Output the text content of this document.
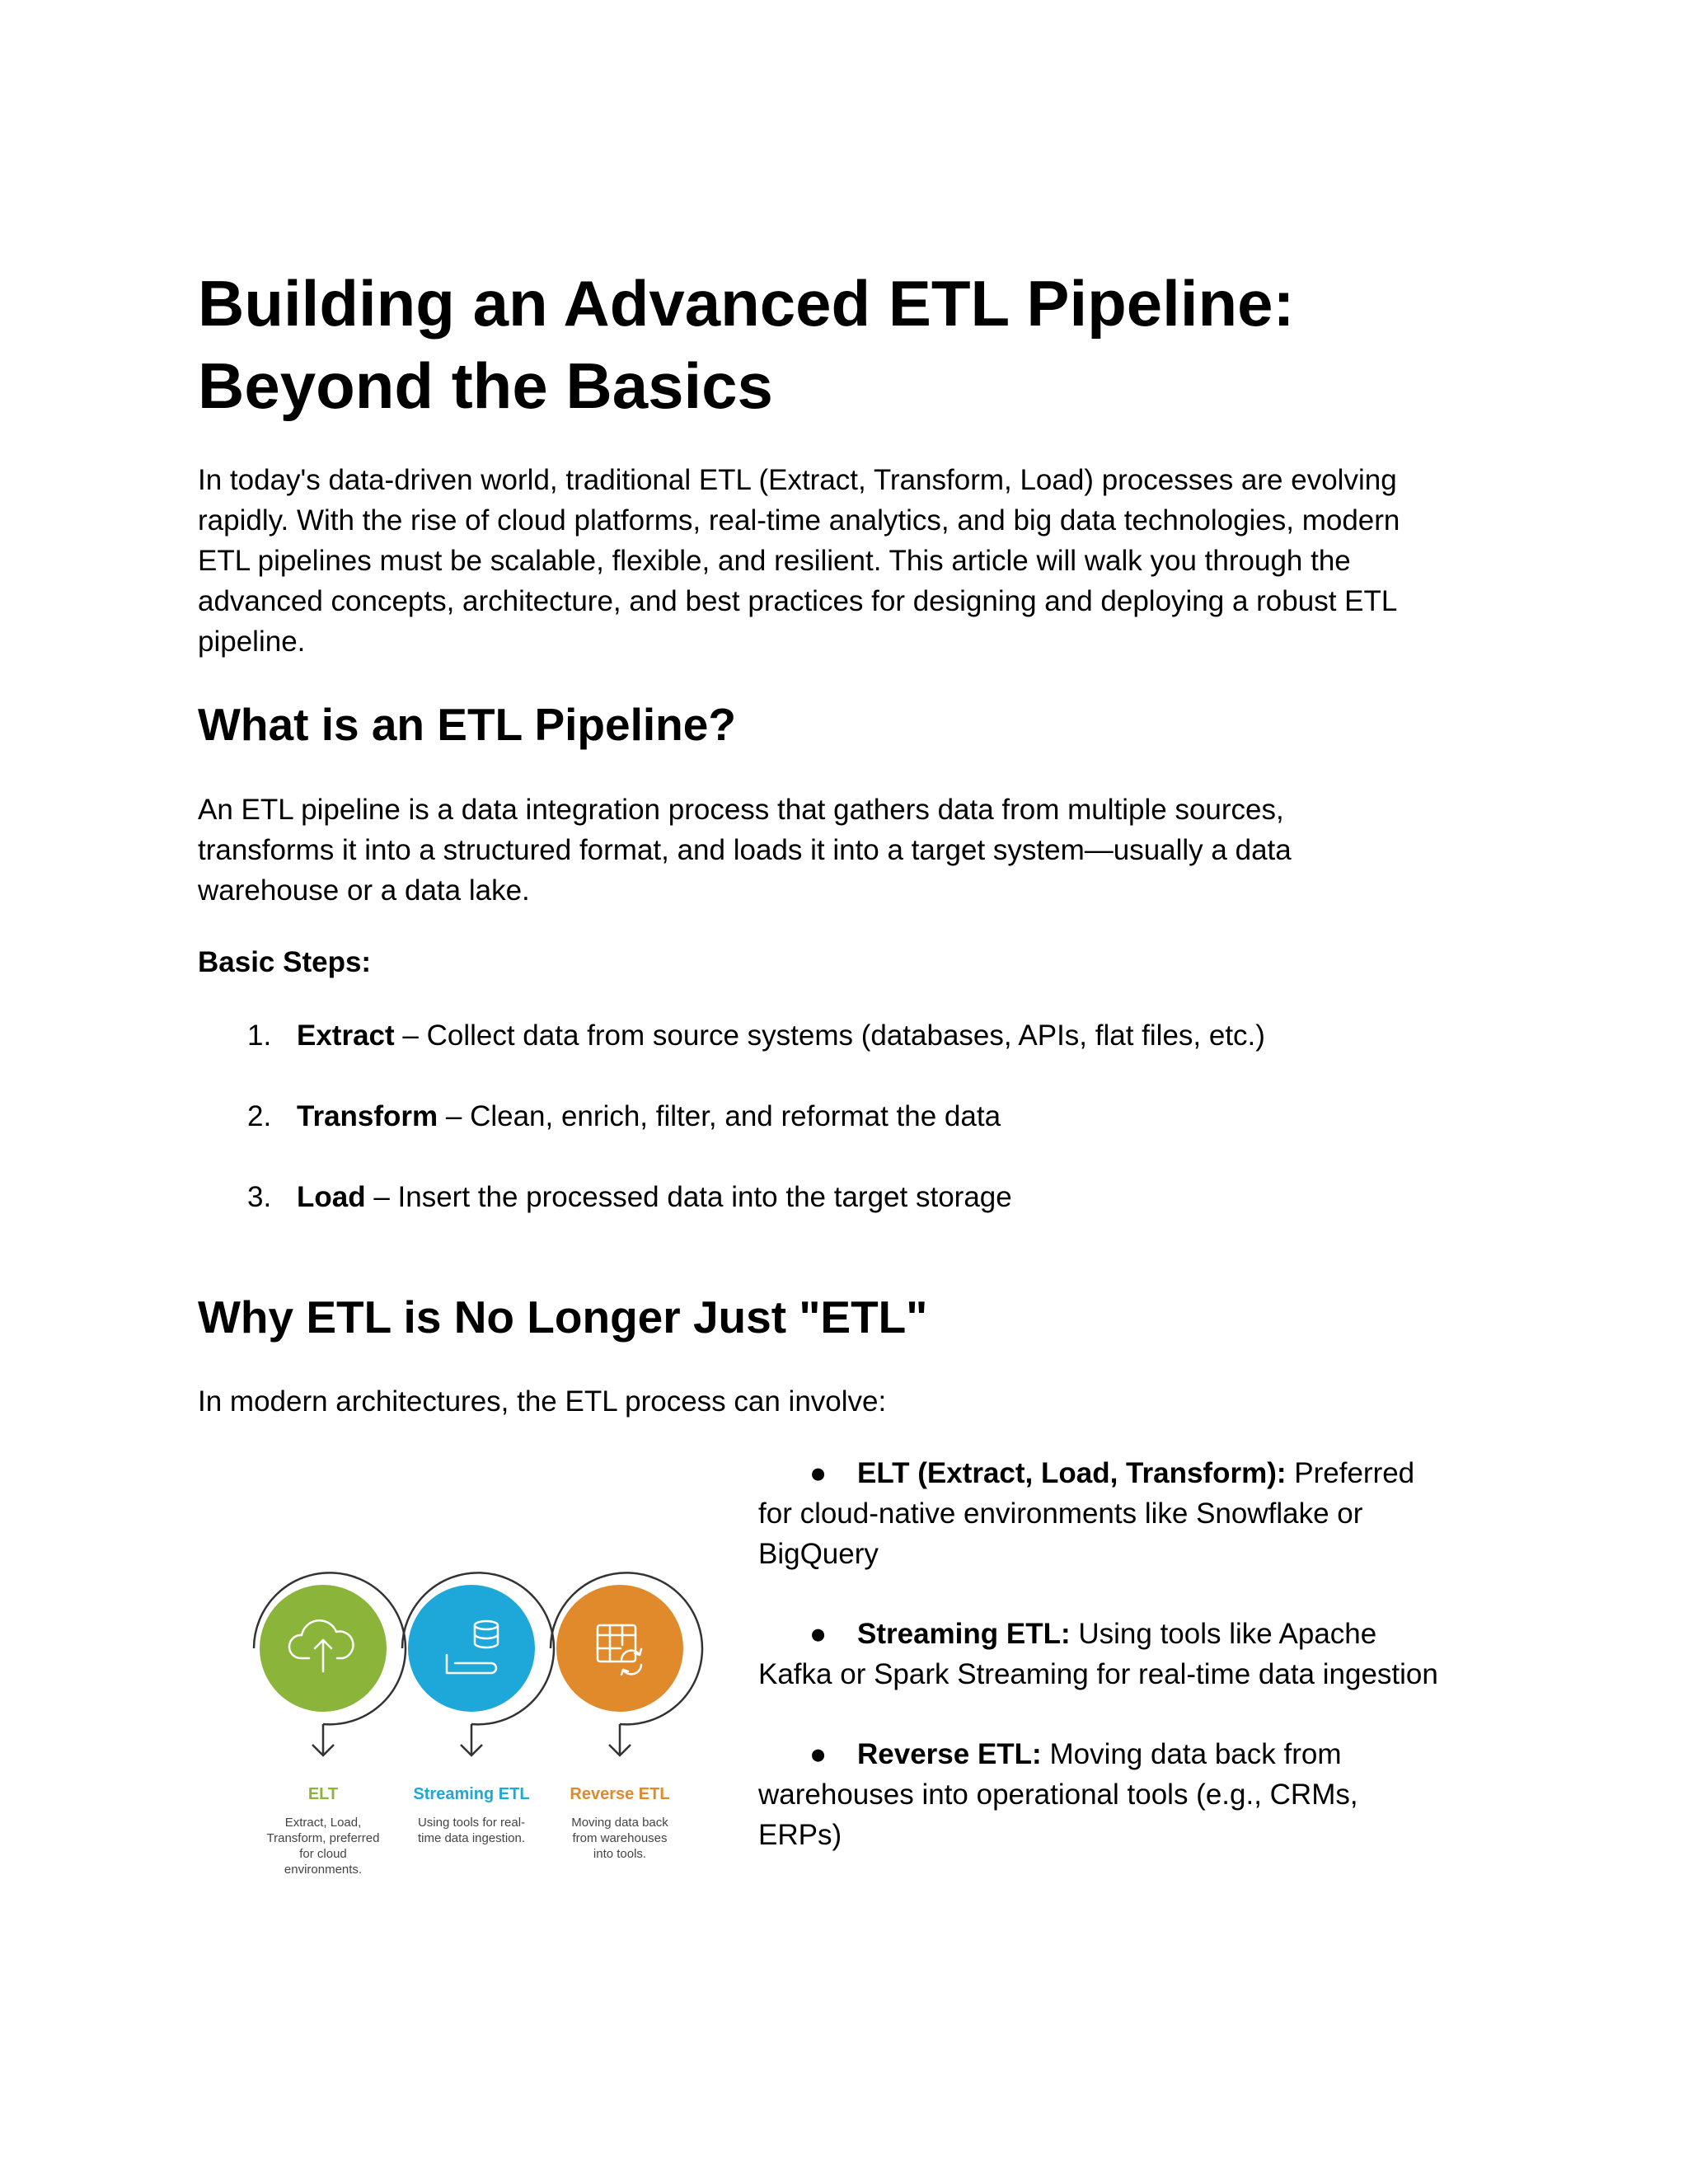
Building an Advanced ETL Pipeline:
Beyond the Basics

In today's data-driven world, traditional ETL (Extract, Transform, Load) processes are evolving
rapidly. With the rise of cloud platforms, real-time analytics, and big data technologies, modern
ETL pipelines must be scalable, flexible, and resilient. This article will walk you through the
advanced concepts, architecture, and best practices for designing and deploying a robust ETL
pipeline.

What is an ETL Pipeline?

An ETL pipeline is a data integration process that gathers data from multiple sources,
transforms it into a structured format, and loads it into a target system—usually a data
warehouse or a data lake.

Basic Steps:

1. Extract – Collect data from source systems (databases, APIs, flat files, etc.)
2. Transform – Clean, enrich, filter, and reformat the data
3. Load – Insert the processed data into the target storage
Why ETL is No Longer Just "ETL"

In modern architectures, the ETL process can involve:

ELT	Streaming ETL	Reverse ETL
Extract, Load,
Transform, preferred
for cloud
environments.
Using tools for real-
time data ingestion.
Moving data back
from warehouses
into tools.
● ELT (Extract, Load, Transform): Preferred
for cloud-native environments like Snowflake or
BigQuery
● Streaming ETL: Using tools like Apache
Kafka or Spark Streaming for real-time data ingestion
● Reverse ETL: Moving data back from
warehouses into operational tools (e.g., CRMs,
ERPs)
